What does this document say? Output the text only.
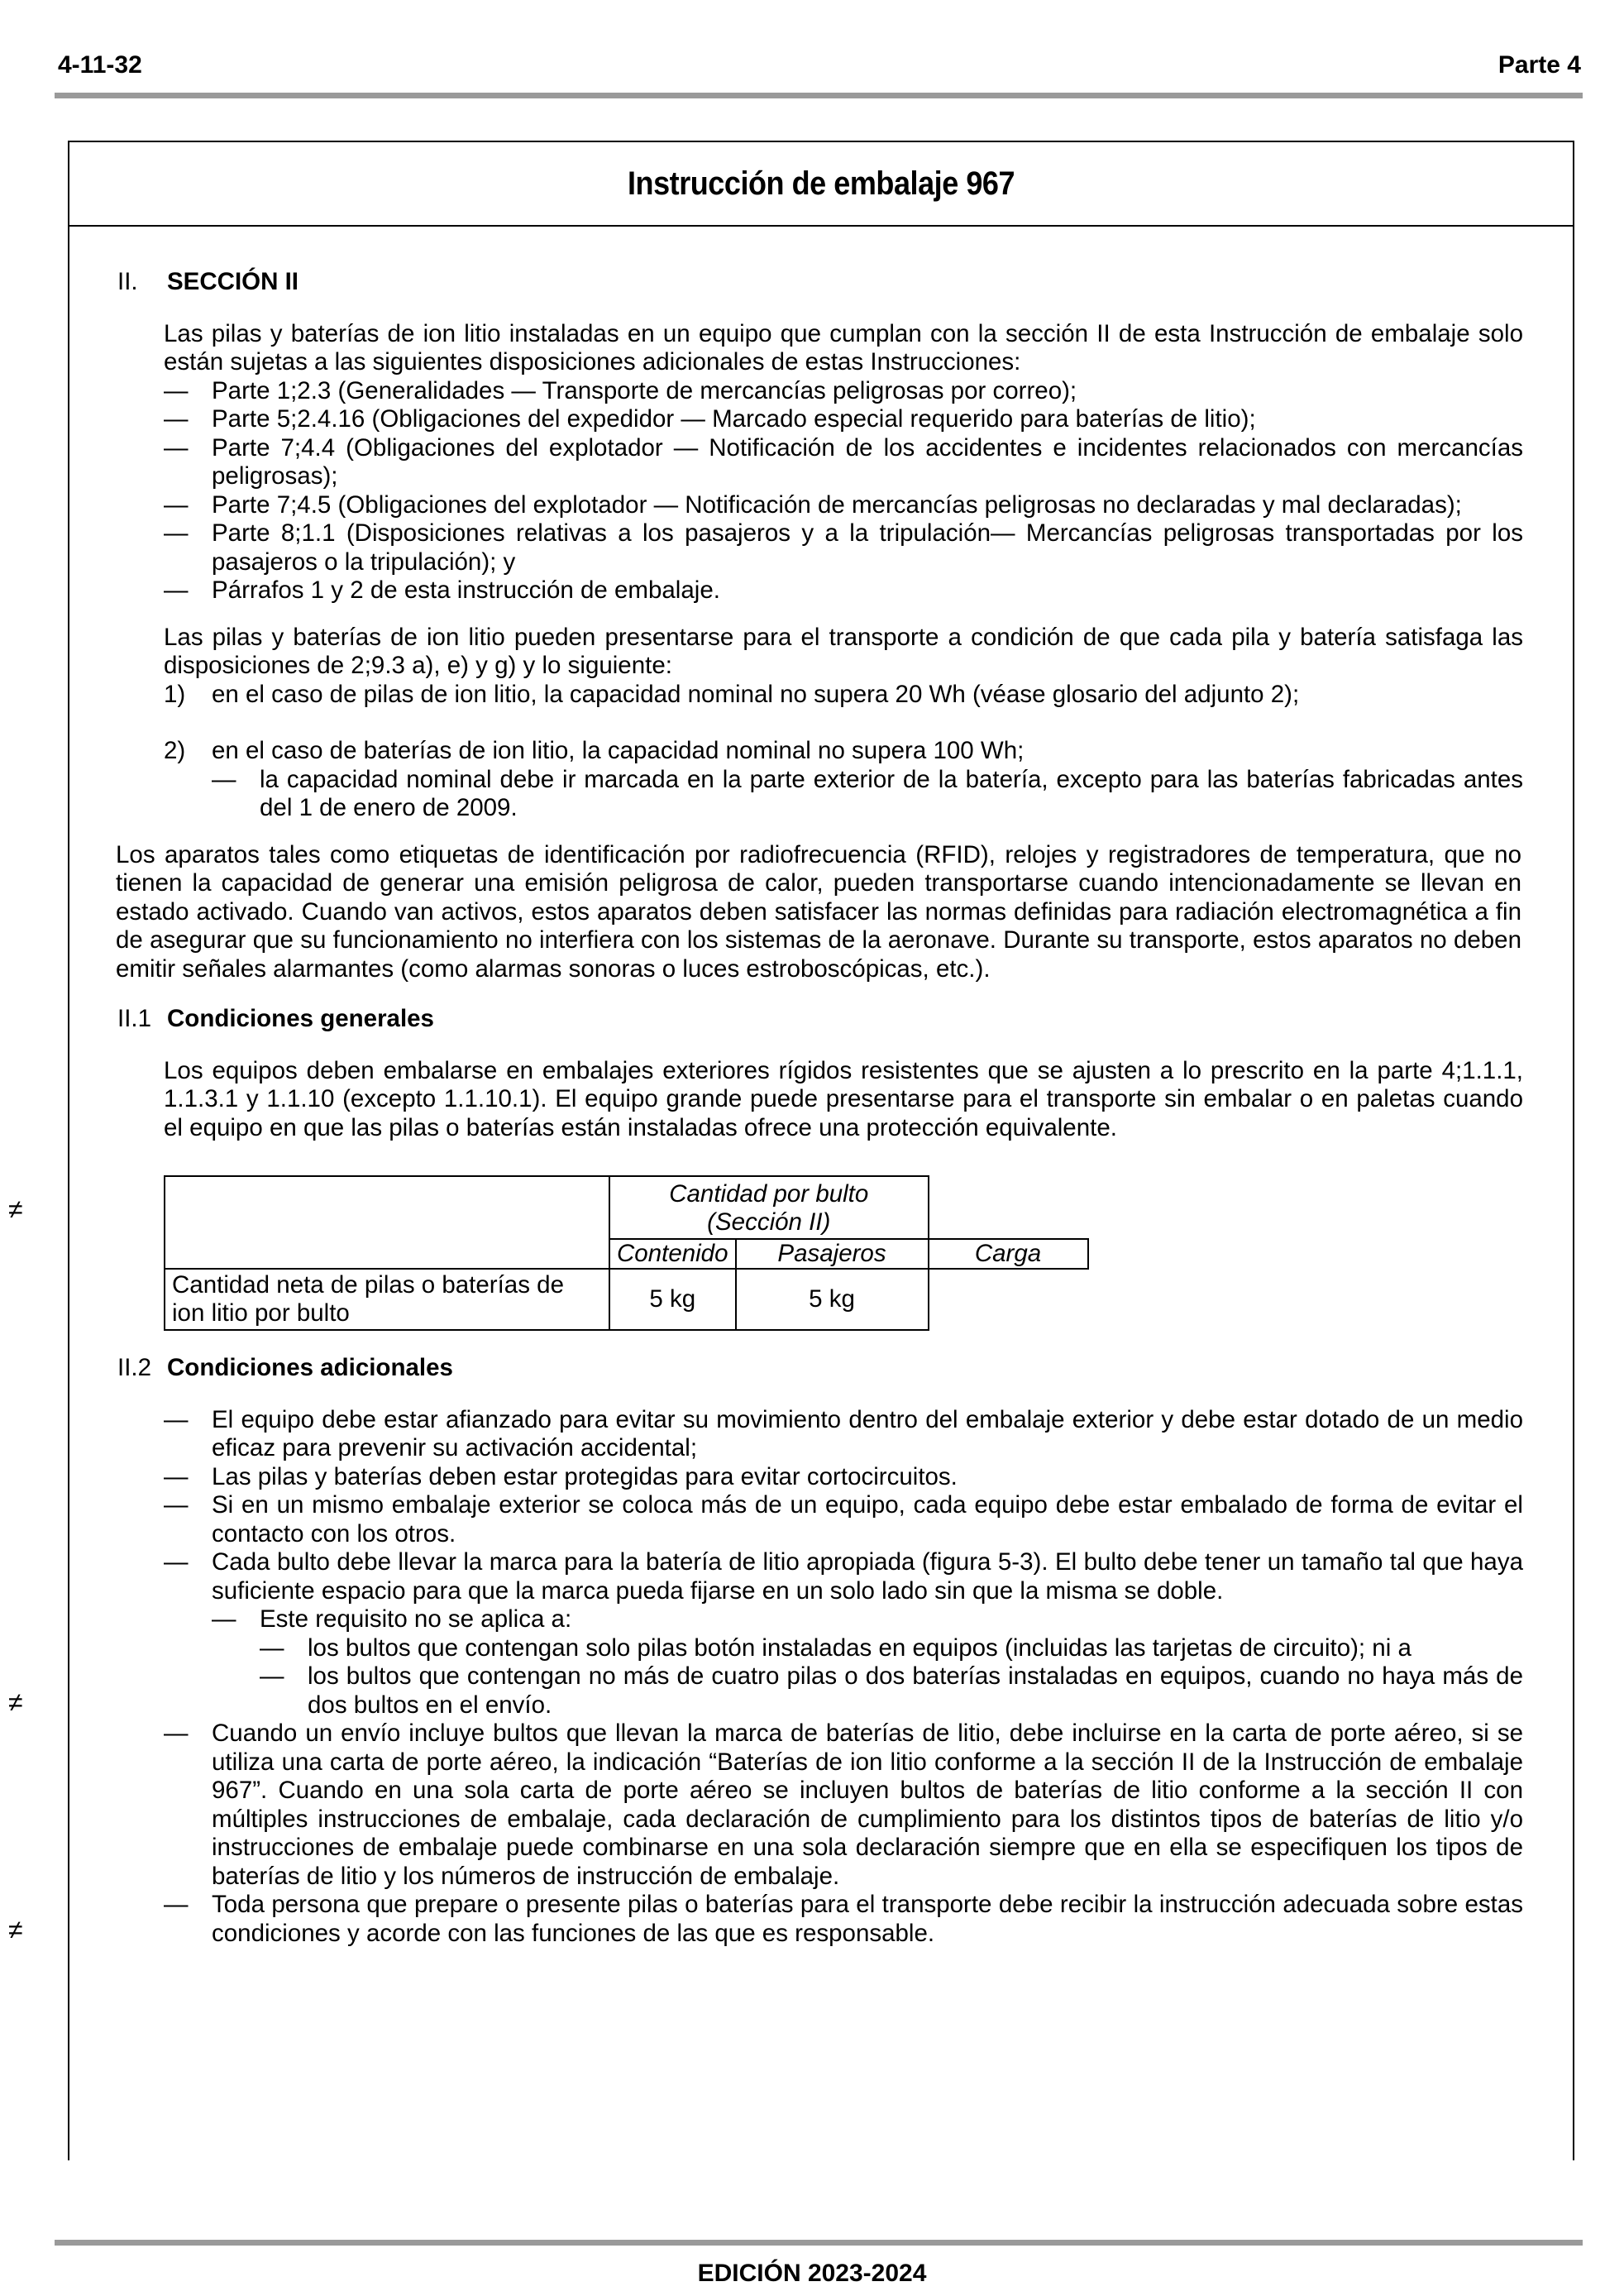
4-11-32	Parte 4
Instrucción de embalaje 967
≠
≠
≠
II.	SECCIÓN II

Las pilas y baterías de ion litio instaladas en un equipo que cumplan con la sección II de esta Instrucción de embalaje solo están sujetas a las siguientes disposiciones adicionales de estas Instrucciones:

— Parte 1;2.3 (Generalidades — Transporte de mercancías peligrosas por correo);
— Parte 5;2.4.16 (Obligaciones del expedidor — Marcado especial requerido para baterías de litio);
— Parte 7;4.4 (Obligaciones del explotador — Notificación de los accidentes e incidentes relacionados con mercancías peligrosas);
— Parte 7;4.5 (Obligaciones del explotador — Notificación de mercancías peligrosas no declaradas y mal declaradas);
— Parte 8;1.1 (Disposiciones relativas a los pasajeros y a la tripulación— Mercancías peligrosas transportadas por los pasajeros o la tripulación); y
— Párrafos 1 y 2 de esta instrucción de embalaje.

Las pilas y baterías de ion litio pueden presentarse para el transporte a condición de que cada pila y batería satisfaga las disposiciones de 2;9.3 a), e) y g) y lo siguiente:

1) en el caso de pilas de ion litio, la capacidad nominal no supera 20 Wh (véase glosario del adjunto 2);
2) en el caso de baterías de ion litio, la capacidad nominal no supera 100 Wh;
— la capacidad nominal debe ir marcada en la parte exterior de la batería, excepto para las baterías fabricadas antes del 1 de enero de 2009.

Los aparatos tales como etiquetas de identificación por radiofrecuencia (RFID), relojes y registradores de temperatura, que no tienen la capacidad de generar una emisión peligrosa de calor, pueden transportarse cuando intencionadamente se llevan en estado activado. Cuando van activos, estos aparatos deben satisfacer las normas definidas para radiación electromagnética a fin de asegurar que su funcionamiento no interfiera con los sistemas de la aeronave. Durante su transporte, estos aparatos no deben emitir señales alarmantes (como alarmas sonoras o luces estroboscópicas, etc.).

II.1 Condiciones generales

Los equipos deben embalarse en embalajes exteriores rígidos resistentes que se ajusten a lo prescrito en la parte 4;1.1.1, 1.1.3.1 y 1.1.10 (excepto 1.1.10.1). El equipo grande puede presentarse para el transporte sin embalar o en paletas cuando el equipo en que las pilas o baterías están instaladas ofrece una protección equivalente.

	Cantidad por bulto
(Sección II)		

	Contenido	Pasajeros	Carga
Cantidad neta de pilas o baterías de ion litio por bulto	5 kg	5 kg	
II.2 Condiciones adicionales
— El equipo debe estar afianzado para evitar su movimiento dentro del embalaje exterior y debe estar dotado de un medio eficaz para prevenir su activación accidental;
— Las pilas y baterías deben estar protegidas para evitar cortocircuitos.
— Si en un mismo embalaje exterior se coloca más de un equipo, cada equipo debe estar embalado de forma de evitar el contacto con los otros.
— Cada bulto debe llevar la marca para la batería de litio apropiada (figura 5-3). El bulto debe tener un tamaño tal que haya suficiente espacio para que la marca pueda fijarse en un solo lado sin que la misma se doble.
— Este requisito no se aplica a:
— los bultos que contengan solo pilas botón instaladas en equipos (incluidas las tarjetas de circuito); ni a
— los bultos que contengan no más de cuatro pilas o dos baterías instaladas en equipos, cuando no haya más de dos bultos en el envío.
— Cuando un envío incluye bultos que llevan la marca de baterías de litio, debe incluirse en la carta de porte aéreo, si se utiliza una carta de porte aéreo, la indicación “Baterías de ion litio conforme a la sección II de la Instrucción de embalaje 967”. Cuando en una sola carta de porte aéreo se incluyen bultos de baterías de litio conforme a la sección II con múltiples instrucciones de embalaje, cada declaración de cumplimiento para los distintos tipos de baterías de litio y/o instrucciones de embalaje puede combinarse en una sola declaración siempre que en ella se especifiquen los tipos de baterías de litio y los números de instrucción de embalaje.
— Toda persona que prepare o presente pilas o baterías para el transporte debe recibir la instrucción adecuada sobre estas condiciones y acorde con las funciones de las que es responsable.
EDICIÓN 2023-2024
